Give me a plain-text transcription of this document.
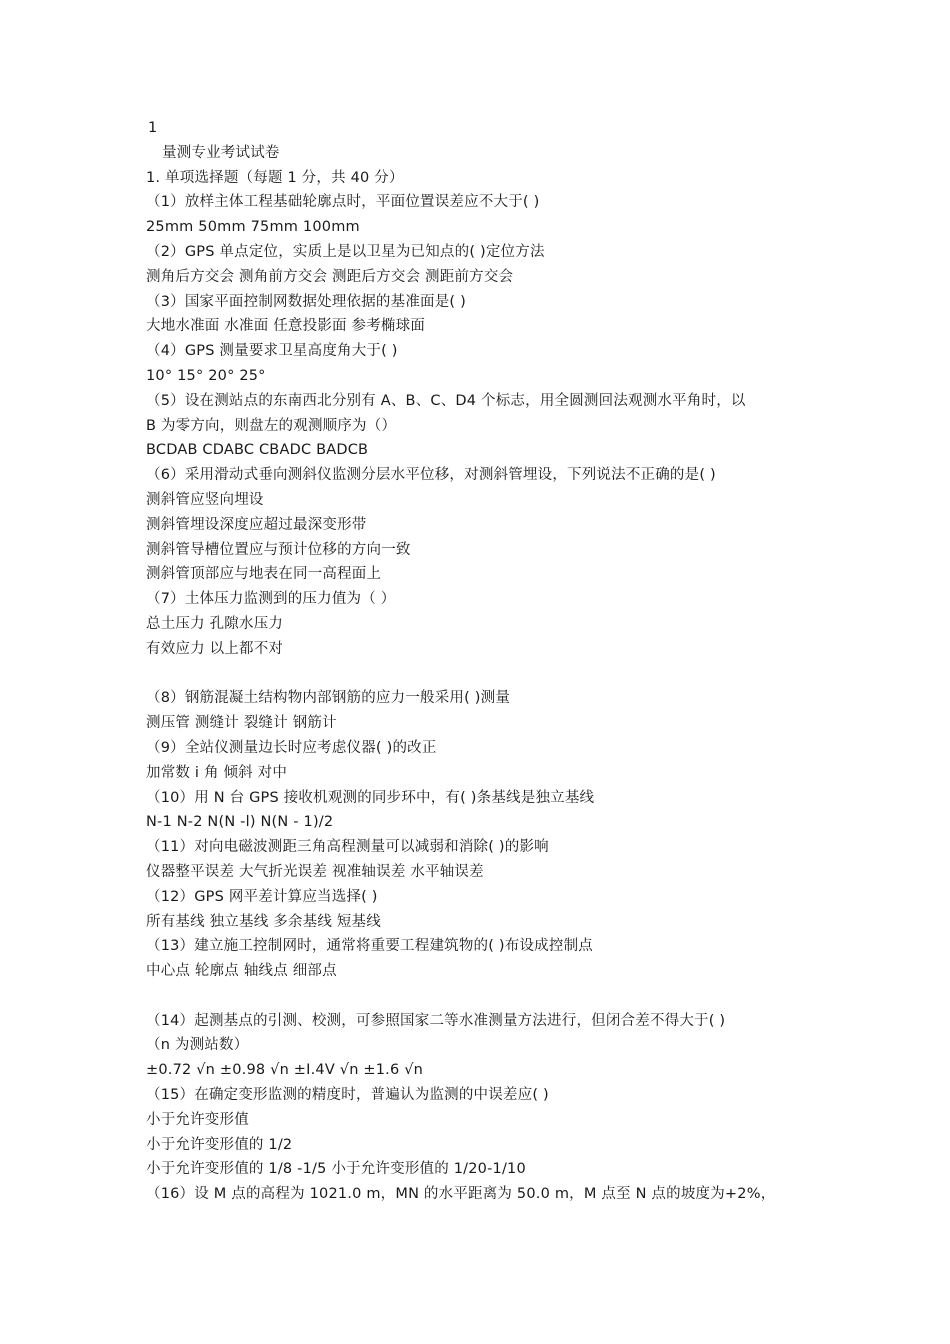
1
量测专业考试试卷
1. 单项选择题（每题 1 分，共 40 分）
（1）放样主体工程基础轮廓点时，平面位置误差应不大于( )
25mm 50mm 75mm 100mm
（2）GPS 单点定位，实质上是以卫星为已知点的( )定位方法
测角后方交会 测角前方交会 测距后方交会 测距前方交会
（3）国家平面控制网数据处理依据的基准面是( )
大地水准面 水准面 任意投影面 参考椭球面
（4）GPS 测量要求卫星高度角大于( )
10° 15° 20° 25°
（5）设在测站点的东南西北分别有 A、B、C、D4 个标志，用全圆测回法观测水平角时，以
B 为零方向，则盘左的观测顺序为（）
BCDAB CDABC CBADC BADCB
（6）采用滑动式垂向测斜仪监测分层水平位移，对测斜管埋设，下列说法不正确的是( )
测斜管应竖向埋设
测斜管埋设深度应超过最深变形带
测斜管导槽位置应与预计位移的方向一致
测斜管顶部应与地表在同一高程面上
（7）土体压力监测到的压力值为（ ）
总土压力 孔隙水压力
有效应力 以上都不对
（8）钢筋混凝土结构物内部钢筋的应力一般采用( )测量
测压管 测缝计 裂缝计 钢筋计
（9）全站仪测量边长时应考虑仪器( )的改正
加常数 i 角 倾斜 对中
（10）用 N 台 GPS 接收机观测的同步环中，有( )条基线是独立基线
N-1 N-2 N(N -l) N(N - 1)/2
（11）对向电磁波测距三角高程测量可以减弱和消除( )的影响
仪器整平误差 大气折光误差 视准轴误差 水平轴误差
（12）GPS 网平差计算应当选择( )
所有基线 独立基线 多余基线 短基线
（13）建立施工控制网时，通常将重要工程建筑物的( )布设成控制点
中心点 轮廓点 轴线点 细部点
（14）起测基点的引测、校测，可参照国家二等水准测量方法进行，但闭合差不得大于( )
（n 为测站数）
±0.72 √n ±0.98 √n ±I.4V √n ±1.6 √n
（15）在确定变形监测的精度时，普遍认为监测的中误差应( )
小于允许变形值
小于允许变形值的 1/2
小于允许变形值的 1/8 -1/5 小于允许变形值的 1/20-1/10
（16）设 M 点的高程为 1021.0 m，MN 的水平距离为 50.0 m，M 点至 N 点的坡度为+2%，
